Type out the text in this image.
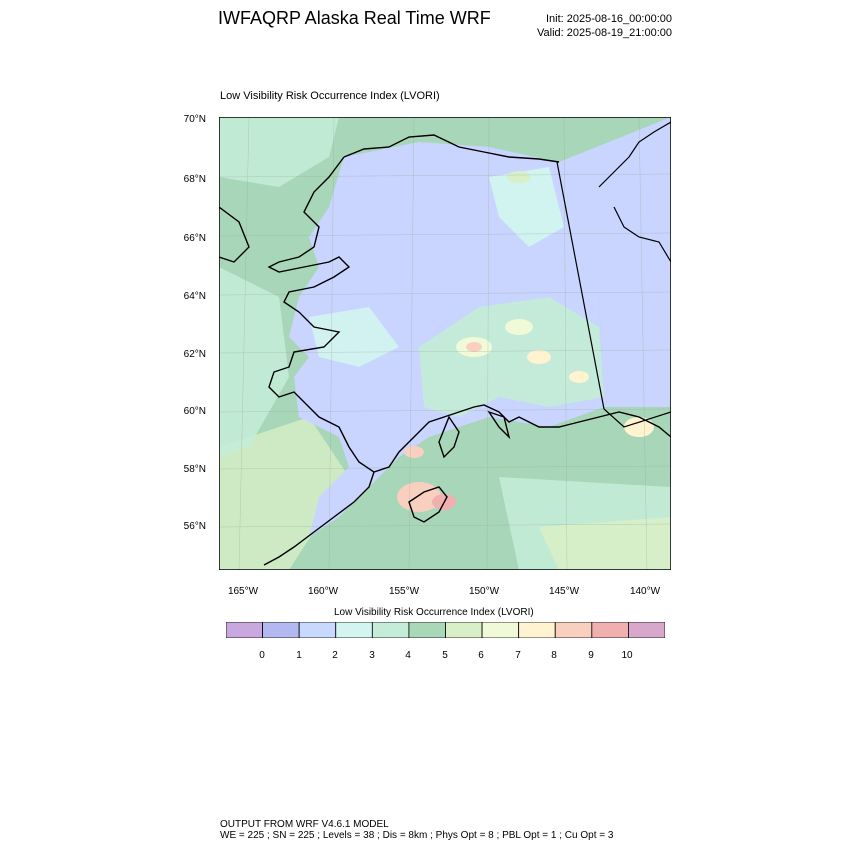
IWFAQRP Alaska Real Time WRF	Init: 2025-08-16_00:00:00
Valid: 2025-08-19_21:00:00
Low Visibility Risk Occurrence Index (LVORI)
70°N
68°N
66°N
64°N
62°N
60°N
58°N
56°N
165°W	160°W	155°W	150°W	145°W	140°W
Low Visibility Risk Occurrence Index (LVORI)
0	1	2	3	4	5	6	7	8	9	10
OUTPUT FROM WRF V4.6.1 MODEL
WE = 225 ; SN = 225 ; Levels = 38 ; Dis = 8km ; Phys Opt = 8 ; PBL Opt = 1 ; Cu Opt = 3
